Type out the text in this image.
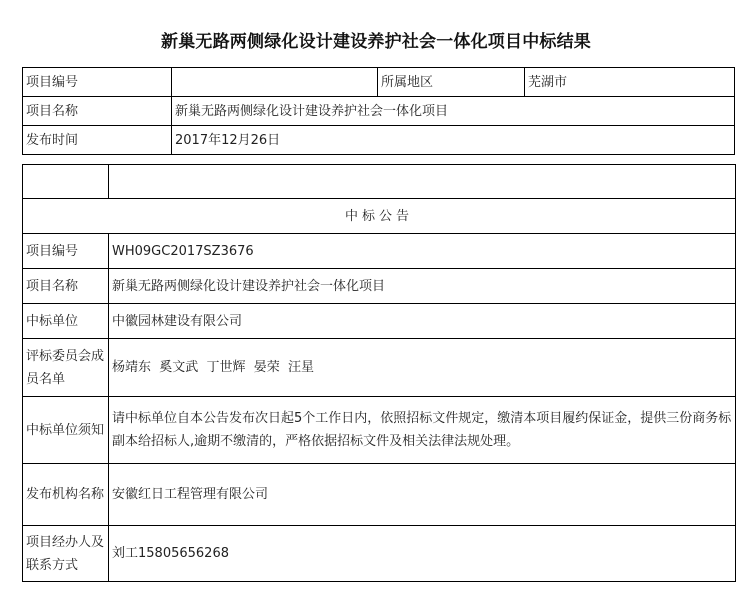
新巢无路两侧绿化设计建设养护社会一体化项目中标结果
项目编号		所属地区	芜湖市
项目名称	新巢无路两侧绿化设计建设养护社会一体化项目		
发布时间	2017年12月26日		

中标公告	
项目编号	WH09GC2017SZ3676
项目名称	新巢无路两侧绿化设计建设养护社会一体化项目
中标单位	中徽园林建设有限公司
评标委员会成员名单	杨靖东  奚文武  丁世辉  晏荣  汪星
中标单位须知	请中标单位自本公告发布次日起5个工作日内，依照招标文件规定，缴清本项目履约保证金，提供三份商务标副本给招标人,逾期不缴清的，严格依据招标文件及相关法律法规处理。
发布机构名称	安徽红日工程管理有限公司
项目经办人及联系方式	刘工15805656268
